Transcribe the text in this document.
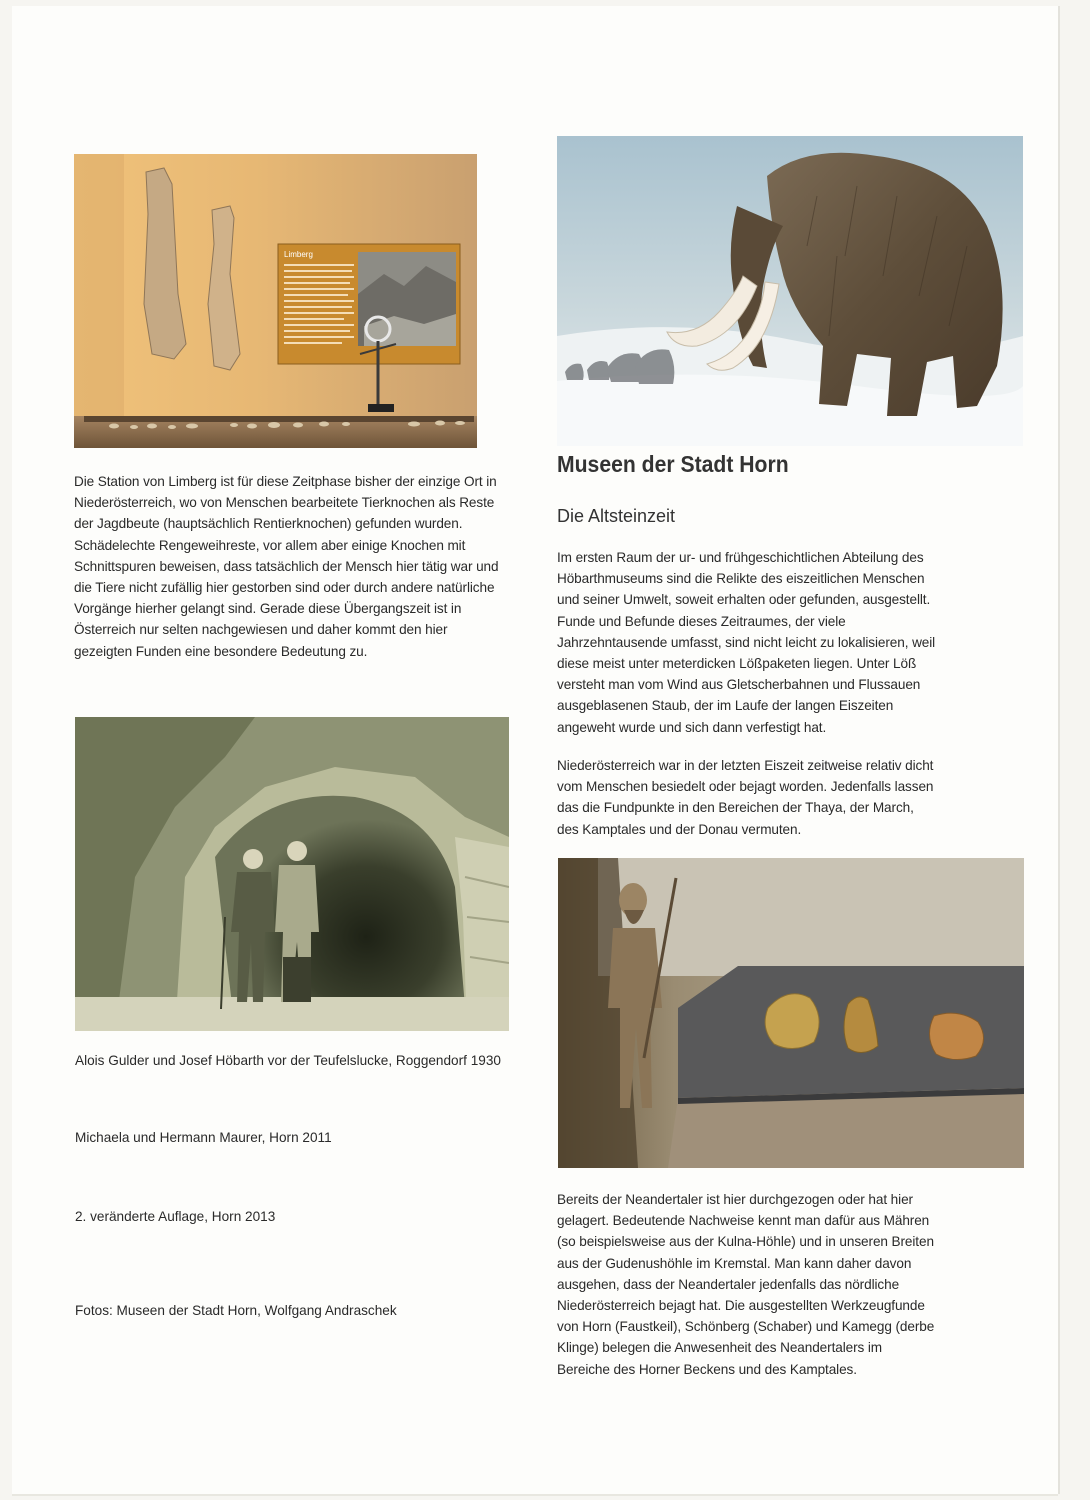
Limberg

Die Station von Limberg ist für diese Zeitphase bisher der einzige Ort in

Niederösterreich, wo von Menschen bearbeitete Tierknochen als Reste

der Jagdbeute (hauptsächlich Rentierknochen) gefunden wurden.

Schädelechte Rengeweihreste, vor allem aber einige Knochen mit

Schnittspuren beweisen, dass tatsächlich der Mensch hier tätig war und

die Tiere nicht zufällig hier gestorben sind oder durch andere natürliche

Vorgänge hierher gelangt sind. Gerade diese Übergangszeit ist in

Österreich nur selten nachgewiesen und daher kommt den hier

gezeigten Funden eine besondere Bedeutung zu.

Alois Gulder und Josef Höbarth vor der Teufelslucke, Roggendorf 1930
Michaela und Hermann Maurer, Horn 2011
2. veränderte Auflage, Horn 2013
Fotos: Museen der Stadt Horn, Wolfgang Andraschek
Museen der Stadt Horn
Die Altsteinzeit

Im ersten Raum der ur- und frühgeschichtlichen Abteilung des

Höbarthmuseums sind die Relikte des eiszeitlichen Menschen

und seiner Umwelt, soweit erhalten oder gefunden, ausgestellt.

Funde und Befunde dieses Zeitraumes, der viele

Jahrzehntausende umfasst, sind nicht leicht zu lokalisieren, weil

diese meist unter meterdicken Lößpaketen liegen. Unter Löß

versteht man vom Wind aus Gletscherbahnen und Flussauen

ausgeblasenen Staub, der im Laufe der langen Eiszeiten

angeweht wurde und sich dann verfestigt hat.

Niederösterreich war in der letzten Eiszeit zeitweise relativ dicht

vom Menschen besiedelt oder bejagt worden. Jedenfalls lassen

das die Fundpunkte in den Bereichen der Thaya, der March,

des Kamptales und der Donau vermuten.

Bereits der Neandertaler ist hier durchgezogen oder hat hier

gelagert. Bedeutende Nachweise kennt man dafür aus Mähren

(so beispielsweise aus der Kulna-Höhle) und in unseren Breiten

aus der Gudenushöhle im Kremstal. Man kann daher davon

ausgehen, dass der Neandertaler jedenfalls das nördliche

Niederösterreich bejagt hat. Die ausgestellten Werkzeugfunde

von Horn (Faustkeil), Schönberg (Schaber) und Kamegg (derbe

Klinge) belegen die Anwesenheit des Neandertalers im

Bereiche des Horner Beckens und des Kamptales.
